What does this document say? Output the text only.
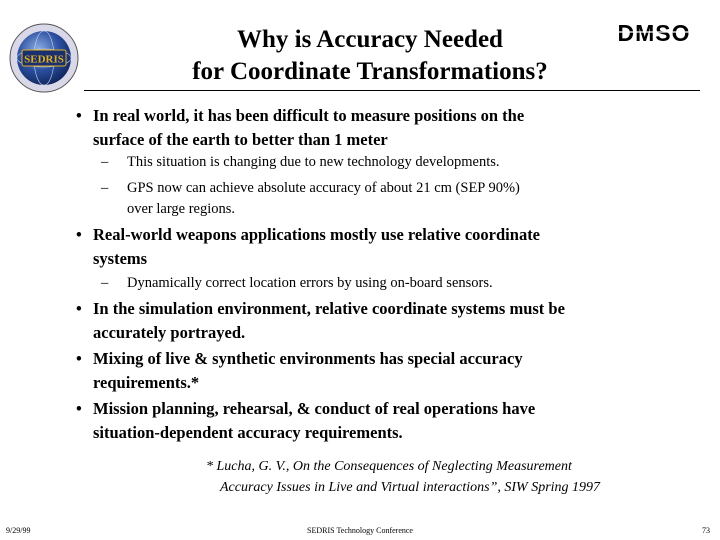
SEDRIS
DMSO
Why is Accuracy Needed
for Coordinate Transformations?
• In real world, it has been difficult to measure positions on the
surface of the earth to better than 1 meter
– This situation is changing due to new technology developments.
– GPS now can achieve absolute accuracy of about 21 cm (SEP 90%)
over large regions.
• Real-world weapons applications mostly use relative coordinate
systems
– Dynamically correct location errors by using on-board sensors.
• In the simulation environment, relative coordinate systems must be
accurately portrayed.
• Mixing of live & synthetic environments has special accuracy
requirements.*
• Mission planning, rehearsal, & conduct of real operations have
situation-dependent accuracy requirements.
* Lucha, G. V., On the Consequences of Neglecting Measurement
Accuracy Issues in Live and Virtual interactions”, SIW Spring 1997
9/29/99	SEDRIS Technology Conference	73
